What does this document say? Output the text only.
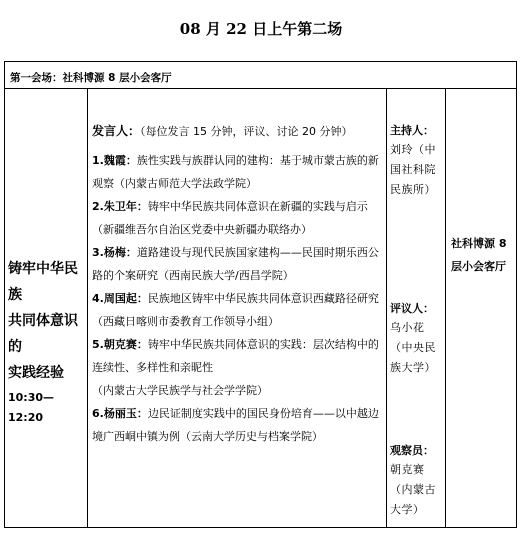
08 月 22 日上午第二场
第一会场：社科博源 8 层小会客厅
铸牢中华民族
共同体意识的
实践经验
10:30—12:20
发言人：（每位发言 15 分钟，评议、讨论 20 分钟）
1.魏霞：族性实践与族群认同的建构：基于城市蒙古族的新观察（内蒙古师范大学法政学院）
2.朱卫年：铸牢中华民族共同体意识在新疆的实践与启示（新疆维吾尔自治区党委中央新疆办联络办）
3.杨梅：道路建设与现代民族国家建构——民国时期乐西公路的个案研究（西南民族大学/西昌学院）
4.周国起：民族地区铸牢中华民族共同体意识西藏路径研究（西藏日喀则市委教育工作领导小组）
5.朝克赛：铸牢中华民族共同体意识的实践：层次结构中的连续性、多样性和亲昵性
（内蒙古大学民族学与社会学学院）
6.杨丽玉：边民证制度实践中的国民身份培育——以中越边境广西峒中镇为例（云南大学历史与档案学院）
主持人：
刘玲（中国社科院民族所）
评议人：
乌小花（中央民族大学）
观察员：
朝克赛（内蒙古大学）
社科博源 8 层小会客厅
